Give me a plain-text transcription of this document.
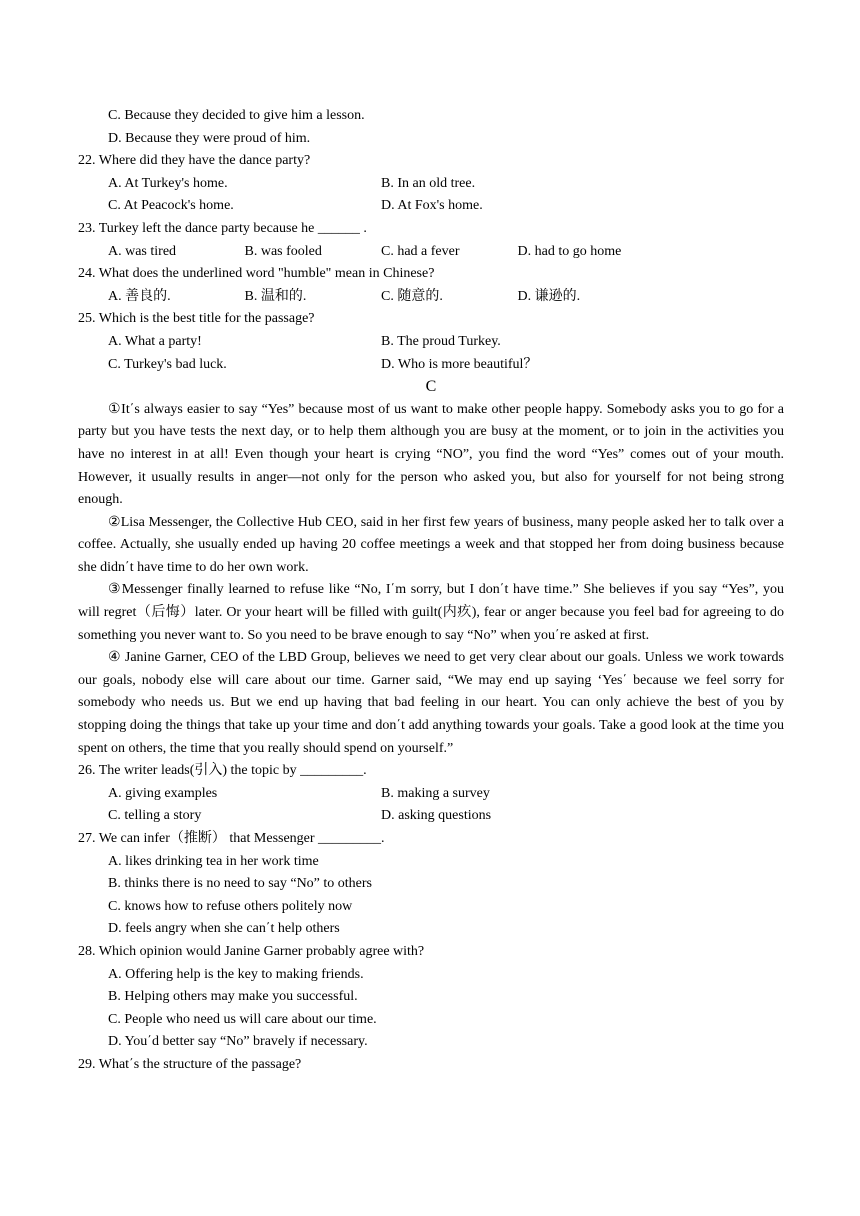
C. Because they decided to give him a lesson.
D. Because they were proud of him.
22. Where did they have the dance party?
A. At Turkey's home.	B. In an old tree.
C. At Peacock's home.	D. At Fox's home.
23. Turkey left the dance party because he ______ .
A. was tired	B. was fooled	C. had a fever	D. had to go home
24. What does the underlined word "humble" mean in Chinese?
A. 善良的.	B. 温和的.	C. 随意的.	D. 谦逊的.
25. Which is the best title for the passage?
A. What a party!	B. The proud Turkey.
C. Turkey's bad luck.	D. Who is more beautiful？
C
①It΄s always easier to say “Yes” because most of us want to make other people happy. Somebody asks you to go for a party but you have tests the next day, or to help them although you are busy at the moment, or to join in the activities you have no interest in at all! Even though your heart is crying “NO”, you find the word “Yes” comes out of your mouth. However, it usually results in anger—not only for the person who asked you, but also for yourself for not being strong enough.
②Lisa Messenger, the Collective Hub CEO, said in her first few years of business, many people asked her to talk over a coffee. Actually, she usually ended up having 20 coffee meetings a week and that stopped her from doing business because she didn΄t have time to do her own work.
③Messenger finally learned to refuse like “No, I΄m sorry, but I don΄t have time.” She believes if you say “Yes”, you will regret（后悔）later. Or your heart will be filled with guilt(内疚), fear or anger because you feel bad for agreeing to do something you never want to. So you need to be brave enough to say “No” when you΄re asked at first.
④ Janine Garner, CEO of the LBD Group, believes we need to get very clear about our goals. Unless we work towards our goals, nobody else will care about our time. Garner said, “We may end up saying ‘Yes΄ because we feel sorry for somebody who needs us. But we end up having that bad feeling in our heart. You can only achieve the best of you by stopping doing the things that take up your time and don΄t add anything towards your goals. Take a good look at the time you spent on others, the time that you really should spend on yourself.”
26. The writer leads(引入) the topic by _________.
A. giving examples	B. making a survey
C. telling a story	D. asking questions
27. We can infer（推断） that Messenger _________.
A. likes drinking tea in her work time
B. thinks there is no need to say “No” to others
C. knows how to refuse others politely now
D. feels angry when she can΄t help others
28. Which opinion would Janine Garner probably agree with?
A. Offering help is the key to making friends.
B. Helping others may make you successful.
C. People who need us will care about our time.
D. You΄d better say “No” bravely if necessary.
29. What΄s the structure of the passage?
